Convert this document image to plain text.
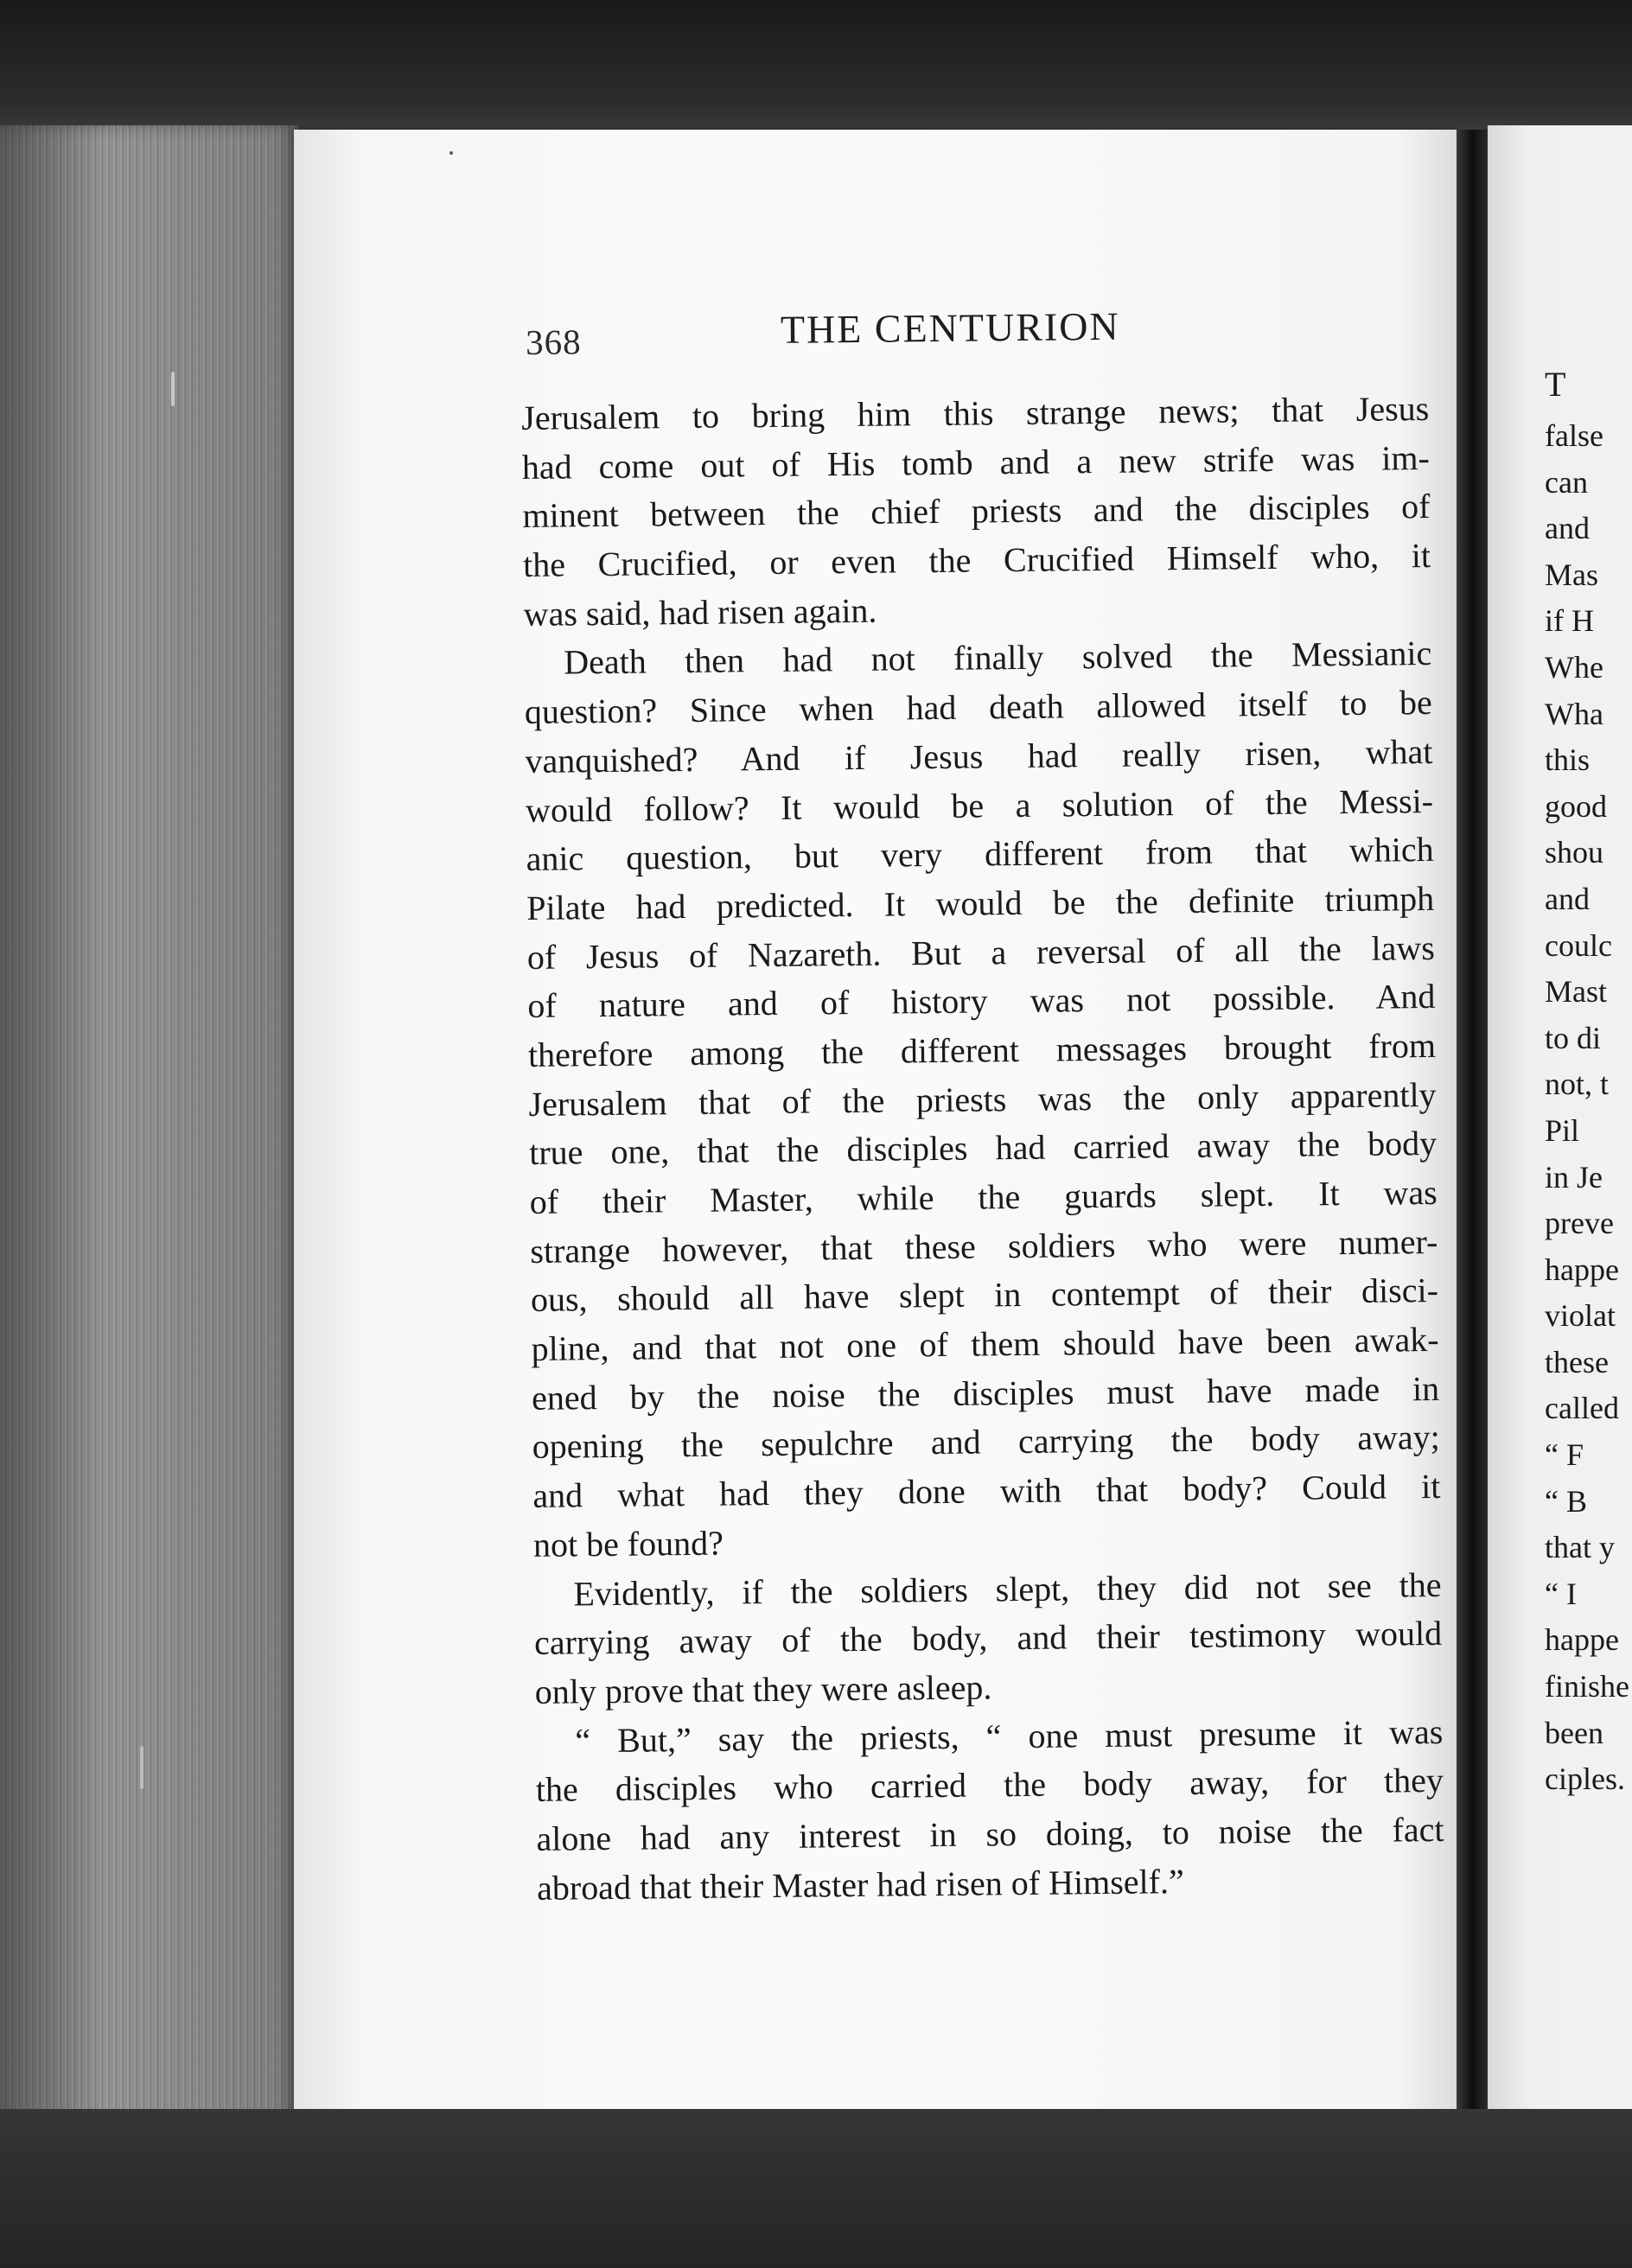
368	THE CENTURION
Jerusalem to bring him this strange news; that Jesus
had come out of His tomb and a new strife was im-
minent between the chief priests and the disciples of
the Crucified, or even the Crucified Himself who, it
was said, had risen again.
Death then had not finally solved the Messianic
question? Since when had death allowed itself to be
vanquished? And if Jesus had really risen, what
would follow? It would be a solution of the Messi-
anic question, but very different from that which
Pilate had predicted. It would be the definite triumph
of Jesus of Nazareth. But a reversal of all the laws
of nature and of history was not possible. And
therefore among the different messages brought from
Jerusalem that of the priests was the only apparently
true one, that the disciples had carried away the body
of their Master, while the guards slept. It was
strange however, that these soldiers who were numer-
ous, should all have slept in contempt of their disci-
pline, and that not one of them should have been awak-
ened by the noise the disciples must have made in
opening the sepulchre and carrying the body away;
and what had they done with that body? Could it
not be found?
Evidently, if the soldiers slept, they did not see the
carrying away of the body, and their testimony would
only prove that they were asleep.
“ But,” say the priests, “ one must presume it was
the disciples who carried the body away, for they
alone had any interest in so doing, to noise the fact
abroad that their Master had risen of Himself.”
T
false
can
and
Mas
if H
Whe
Wha
this
good
shou
and
coulc
Mast
to di
not, t
Pil
in Je
preve
happe
violat
these
called
“ F
“ B
that y
“ I
happe
finishe
been
ciples.
